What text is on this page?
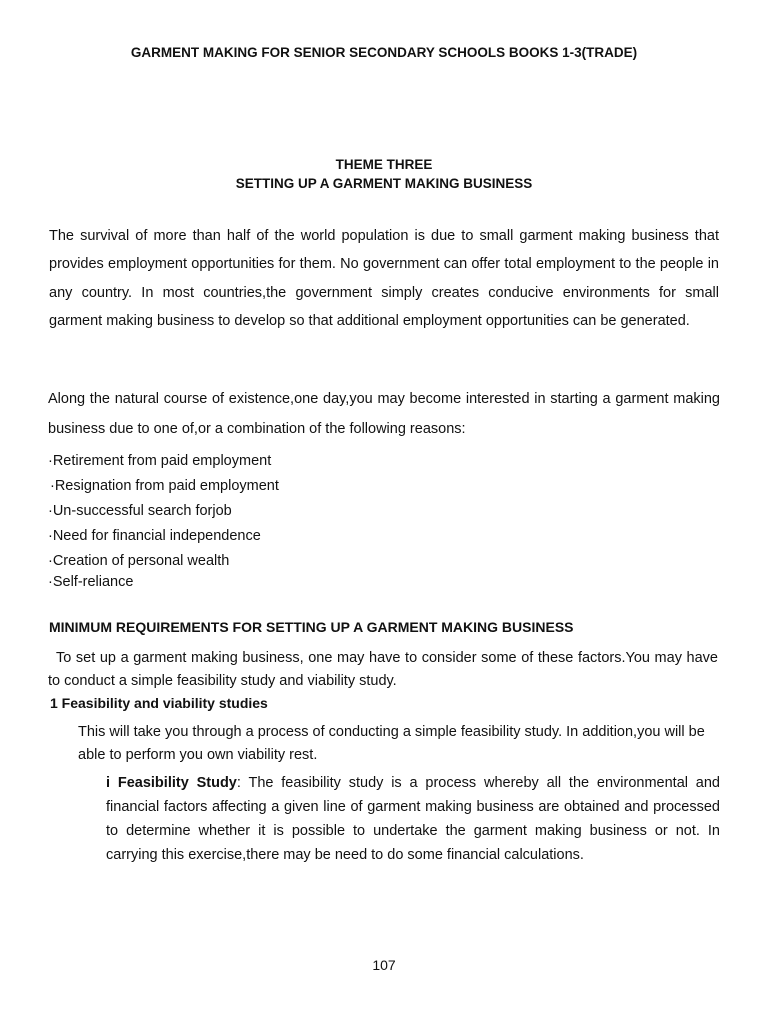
GARMENT MAKING FOR SENIOR SECONDARY SCHOOLS BOOKS 1-3(TRADE)

THEME THREE
SETTING UP A GARMENT MAKING BUSINESS

The survival of more than half of the world population is due to small garment making business that provides employment opportunities for them. No government can offer total employment to the people in any country. In most countries,the government simply creates conducive environments for small garment making business to develop so that additional employment opportunities can be generated.

Along the natural course of existence,one day,you may become interested in starting a garment making business due to one of,or a combination of the following reasons:

·Retirement from paid employment
·Resignation from paid employment
·Un-successful search forjob
·Need for financial independence
·Creation of personal wealth
·Self-reliance

MINIMUM REQUIREMENTS FOR SETTING UP A GARMENT MAKING BUSINESS

To set up a garment making business, one may have to consider some of these factors.You may have to conduct a simple feasibility study and viability study.

1 Feasibility and viability studies

This will take you through a process of conducting a simple feasibility study. In addition,you will be able to perform you own viability rest.

i Feasibility Study: The feasibility study is a process whereby all the environmental and financial factors affecting a given line of garment making business are obtained and processed to determine whether it is possible to undertake the garment making business or not. In carrying this exercise,there may be need to do some financial calculations.

107
